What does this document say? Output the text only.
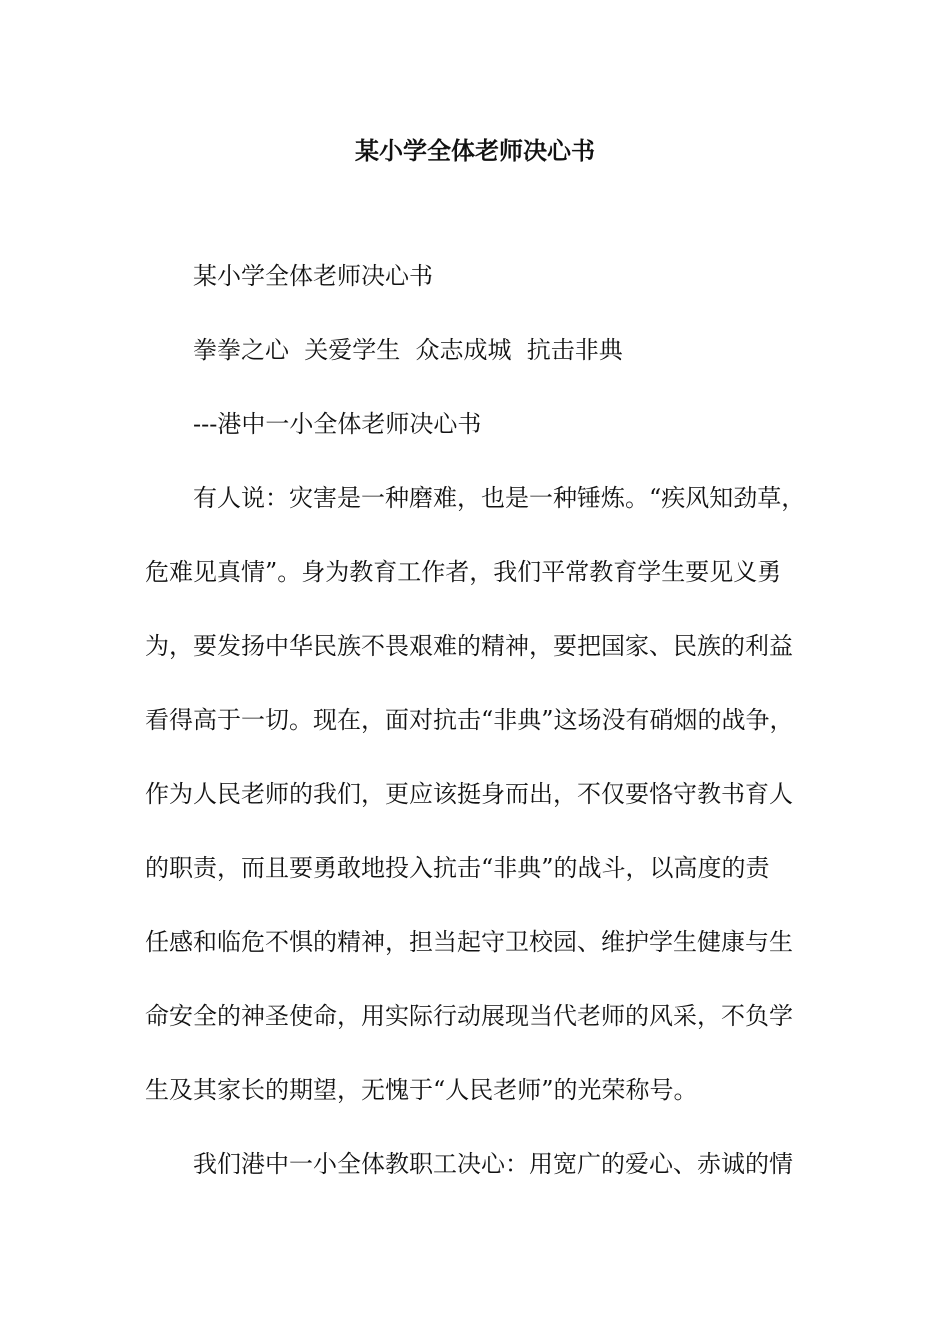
某小学全体老师决心书
某小学全体老师决心书
拳拳之心  关爱学生  众志成城  抗击非典
---港中一小全体老师决心书
有人说：灾害是一种磨难，也是一种锤炼。“疾风知劲草，
危难见真情”。身为教育工作者，我们平常教育学生要见义勇
为，要发扬中华民族不畏艰难的精神，要把国家、民族的利益
看得高于一切。现在，面对抗击“非典”这场没有硝烟的战争，
作为人民老师的我们，更应该挺身而出，不仅要恪守教书育人
的职责，而且要勇敢地投入抗击“非典”的战斗，以高度的责
任感和临危不惧的精神，担当起守卫校园、维护学生健康与生
命安全的神圣使命，用实际行动展现当代老师的风采，不负学
生及其家长的期望，无愧于“人民老师”的光荣称号。
我们港中一小全体教职工决心：用宽广的爱心、赤诚的情
